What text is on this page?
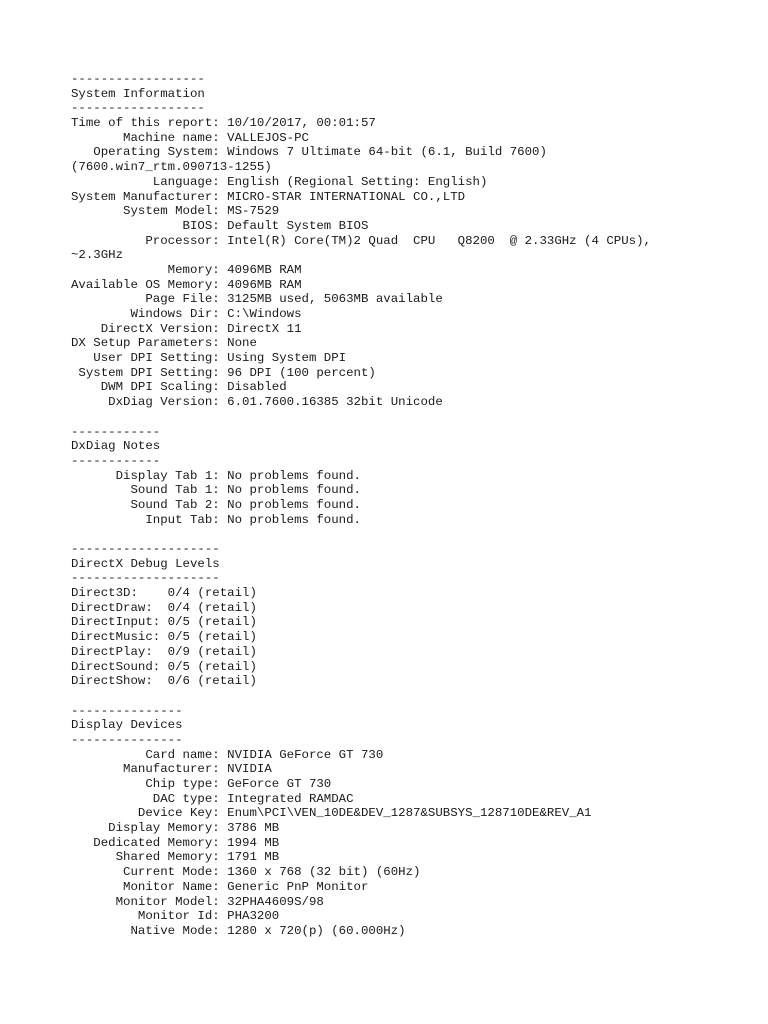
------------------
System Information
------------------
Time of this report: 10/10/2017, 00:01:57
Machine name: VALLEJOS-PC
Operating System: Windows 7 Ultimate 64-bit (6.1, Build 7600)
(7600.win7_rtm.090713-1255)
Language: English (Regional Setting: English)
System Manufacturer: MICRO-STAR INTERNATIONAL CO.,LTD
System Model: MS-7529
BIOS: Default System BIOS
Processor: Intel(R) Core(TM)2 Quad  CPU   Q8200  @ 2.33GHz (4 CPUs),
~2.3GHz
Memory: 4096MB RAM
Available OS Memory: 4096MB RAM
Page File: 3125MB used, 5063MB available
Windows Dir: C:\Windows
DirectX Version: DirectX 11
DX Setup Parameters: None
User DPI Setting: Using System DPI
System DPI Setting: 96 DPI (100 percent)
DWM DPI Scaling: Disabled
DxDiag Version: 6.01.7600.16385 32bit Unicode
------------
DxDiag Notes
------------
Display Tab 1: No problems found.
Sound Tab 1: No problems found.
Sound Tab 2: No problems found.
Input Tab: No problems found.
--------------------
DirectX Debug Levels
--------------------
Direct3D:    0/4 (retail)
DirectDraw:  0/4 (retail)
DirectInput: 0/5 (retail)
DirectMusic: 0/5 (retail)
DirectPlay:  0/9 (retail)
DirectSound: 0/5 (retail)
DirectShow:  0/6 (retail)
---------------
Display Devices
---------------
Card name: NVIDIA GeForce GT 730
Manufacturer: NVIDIA
Chip type: GeForce GT 730
DAC type: Integrated RAMDAC
Device Key: Enum\PCI\VEN_10DE&DEV_1287&SUBSYS_128710DE&REV_A1
Display Memory: 3786 MB
Dedicated Memory: 1994 MB
Shared Memory: 1791 MB
Current Mode: 1360 x 768 (32 bit) (60Hz)
Monitor Name: Generic PnP Monitor
Monitor Model: 32PHA4609S/98
Monitor Id: PHA3200
Native Mode: 1280 x 720(p) (60.000Hz)
